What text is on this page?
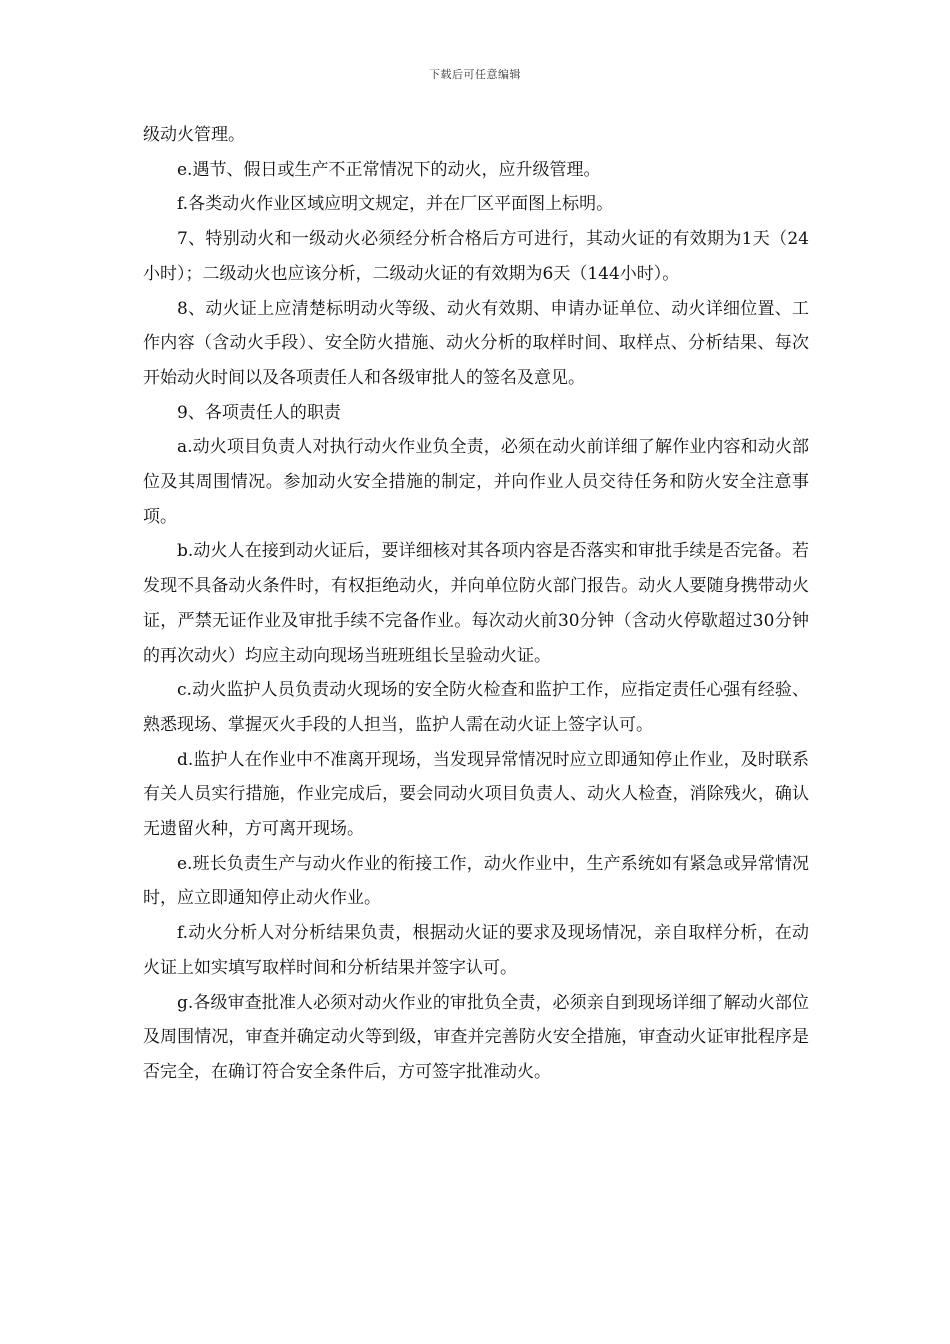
下载后可任意编辑

级动火管理。

e.遇节、假日或生产不正常情况下的动火，应升级管理。

f.各类动火作业区域应明文规定，并在厂区平面图上标明。

7、特别动火和一级动火必须经分析合格后方可进行，其动火证的有效期为1天（24小时）；二级动火也应该分析，二级动火证的有效期为6天（144小时）。

8、动火证上应清楚标明动火等级、动火有效期、申请办证单位、动火详细位置、工作内容（含动火手段）、安全防火措施、动火分析的取样时间、取样点、分析结果、每次开始动火时间以及各项责任人和各级审批人的签名及意见。

9、各项责任人的职责

a.动火项目负责人对执行动火作业负全责，必须在动火前详细了解作业内容和动火部位及其周围情况。参加动火安全措施的制定，并向作业人员交待任务和防火安全注意事项。

b.动火人在接到动火证后，要详细核对其各项内容是否落实和审批手续是否完备。若发现不具备动火条件时，有权拒绝动火，并向单位防火部门报告。动火人要随身携带动火证，严禁无证作业及审批手续不完备作业。每次动火前30分钟（含动火停歇超过30分钟的再次动火）均应主动向现场当班班组长呈验动火证。

c.动火监护人员负责动火现场的安全防火检查和监护工作，应指定责任心强有经验、熟悉现场、掌握灭火手段的人担当，监护人需在动火证上签字认可。

d.监护人在作业中不准离开现场，当发现异常情况时应立即通知停止作业，及时联系有关人员实行措施，作业完成后，要会同动火项目负责人、动火人检查，消除残火，确认无遗留火种，方可离开现场。

e.班长负责生产与动火作业的衔接工作，动火作业中，生产系统如有紧急或异常情况时，应立即通知停止动火作业。

f.动火分析人对分析结果负责，根据动火证的要求及现场情况，亲自取样分析，在动火证上如实填写取样时间和分析结果并签字认可。

g.各级审查批准人必须对动火作业的审批负全责，必须亲自到现场详细了解动火部位及周围情况，审查并确定动火等到级，审查并完善防火安全措施，审查动火证审批程序是否完全，在确订符合安全条件后，方可签字批准动火。
